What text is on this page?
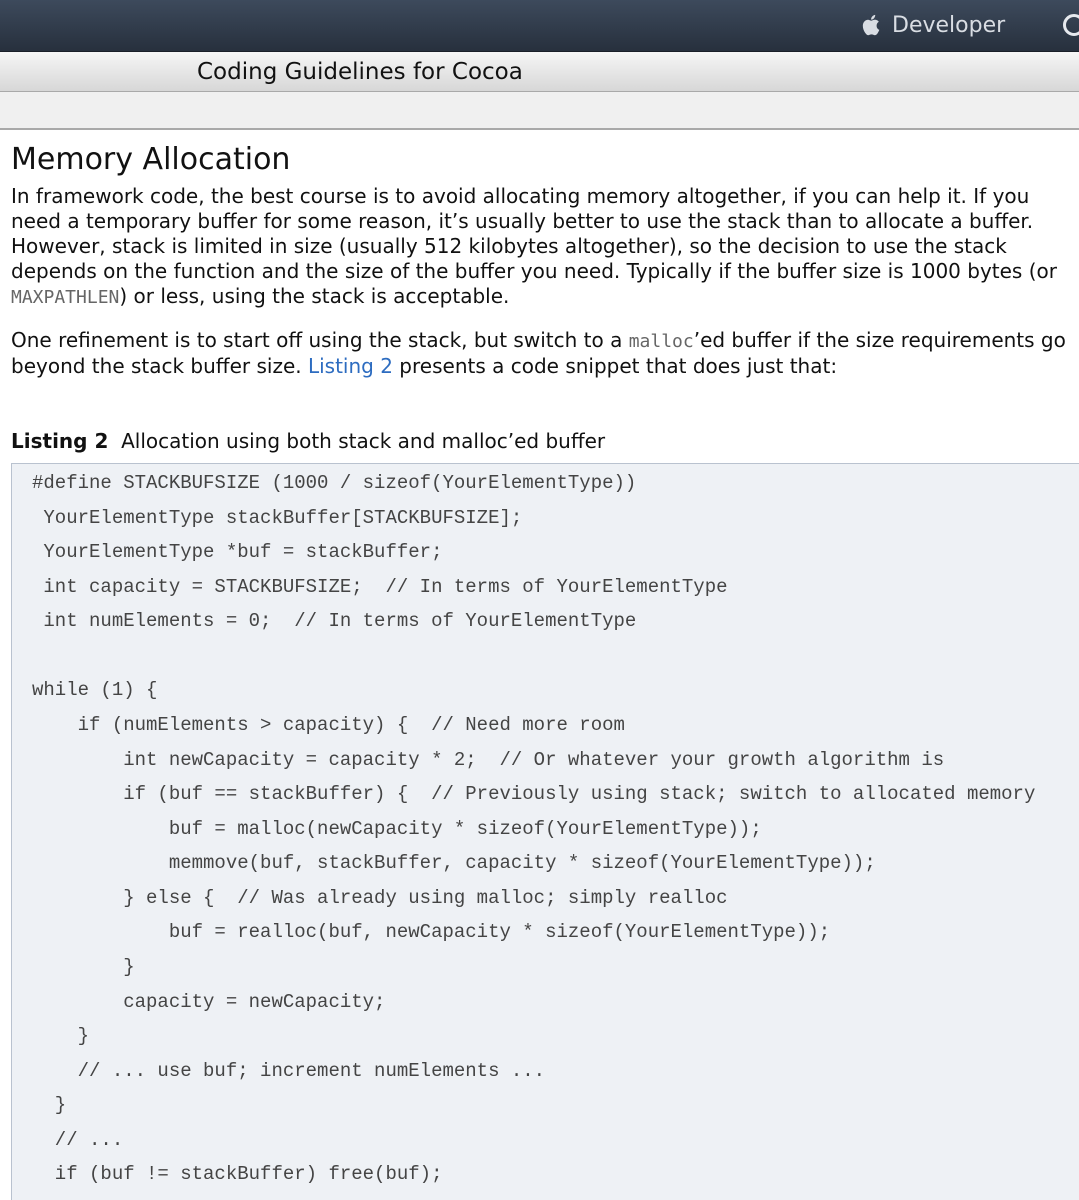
Developer
Coding Guidelines for Cocoa
Memory Allocation

In framework code, the best course is to avoid allocating memory altogether, if you can help it. If you need a temporary buffer for some reason, it’s usually better to use the stack than to allocate a buffer. However, stack is limited in size (usually 512 kilobytes altogether), so the decision to use the stack depends on the function and the size of the buffer you need. Typically if the buffer size is 1000 bytes (or MAXPATHLEN) or less, using the stack is acceptable.

One refinement is to start off using the stack, but switch to a malloc’ed buffer if the size requirements go beyond the stack buffer size. Listing 2 presents a code snippet that does just that:

Listing 2 Allocation using both stack and malloc’ed buffer
#define STACKBUFSIZE (1000 / sizeof(YourElementType))
YourElementType stackBuffer[STACKBUFSIZE];
YourElementType *buf = stackBuffer;
int capacity = STACKBUFSIZE;  // In terms of YourElementType
int numElements = 0;  // In terms of YourElementType
while (1) {
if (numElements > capacity) {  // Need more room
int newCapacity = capacity * 2;  // Or whatever your growth algorithm is
if (buf == stackBuffer) {  // Previously using stack; switch to allocated memory
buf = malloc(newCapacity * sizeof(YourElementType));
memmove(buf, stackBuffer, capacity * sizeof(YourElementType));
} else {  // Was already using malloc; simply realloc
buf = realloc(buf, newCapacity * sizeof(YourElementType));
}
capacity = newCapacity;
}
// ... use buf; increment numElements ...
}
// ...
if (buf != stackBuffer) free(buf);
